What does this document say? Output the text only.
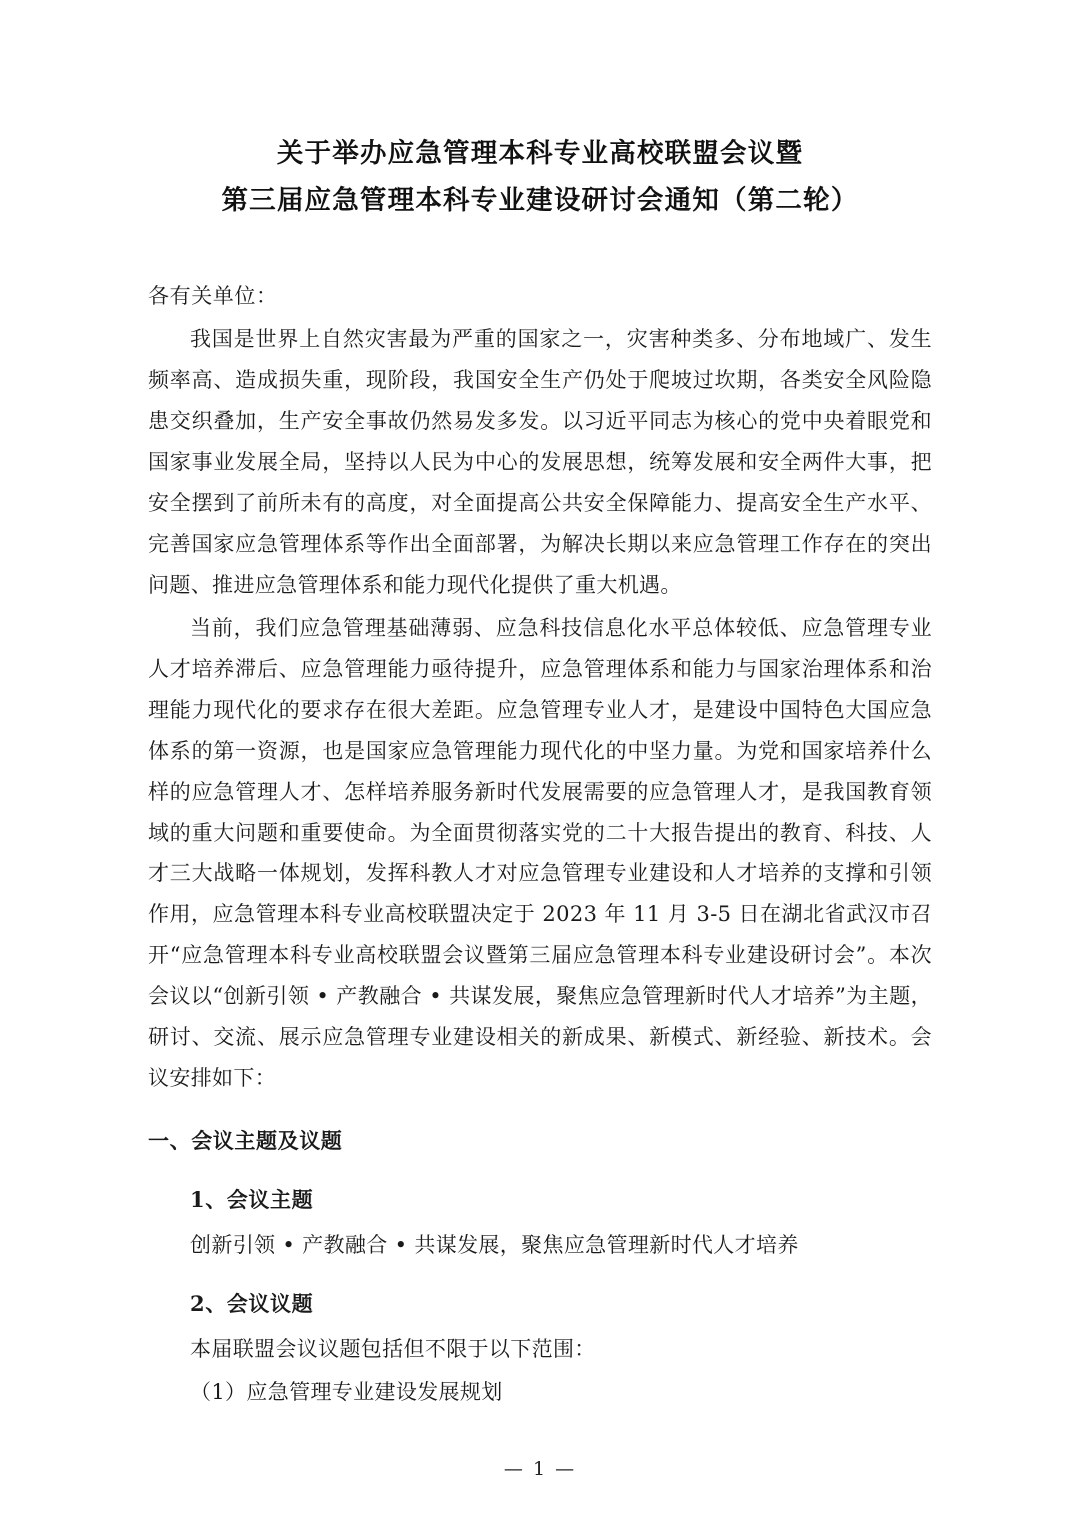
关于举办应急管理本科专业高校联盟会议暨
第三届应急管理本科专业建设研讨会通知（第二轮）
各有关单位：

我国是世界上自然灾害最为严重的国家之一，灾害种类多、分布地域广、发生频率高、造成损失重，现阶段，我国安全生产仍处于爬坡过坎期，各类安全风险隐患交织叠加，生产安全事故仍然易发多发。以习近平同志为核心的党中央着眼党和国家事业发展全局，坚持以人民为中心的发展思想，统筹发展和安全两件大事，把安全摆到了前所未有的高度，对全面提高公共安全保障能力、提高安全生产水平、完善国家应急管理体系等作出全面部署，为解决长期以来应急管理工作存在的突出问题、推进应急管理体系和能力现代化提供了重大机遇。

当前，我们应急管理基础薄弱、应急科技信息化水平总体较低、应急管理专业人才培养滞后、应急管理能力亟待提升，应急管理体系和能力与国家治理体系和治理能力现代化的要求存在很大差距。应急管理专业人才，是建设中国特色大国应急体系的第一资源，也是国家应急管理能力现代化的中坚力量。为党和国家培养什么样的应急管理人才、怎样培养服务新时代发展需要的应急管理人才，是我国教育领域的重大问题和重要使命。为全面贯彻落实党的二十大报告提出的教育、科技、人才三大战略一体规划，发挥科教人才对应急管理专业建设和人才培养的支撑和引领作用，应急管理本科专业高校联盟决定于 2023 年 11 月 3-5 日在湖北省武汉市召开“应急管理本科专业高校联盟会议暨第三届应急管理本科专业建设研讨会”。本次会议以“创新引领 • 产教融合 • 共谋发展，聚焦应急管理新时代人才培养”为主题，研讨、交流、展示应急管理专业建设相关的新成果、新模式、新经验、新技术。会议安排如下：

一、会议主题及议题
1、会议主题
创新引领 • 产教融合 • 共谋发展，聚焦应急管理新时代人才培养
2、会议议题
本届联盟会议议题包括但不限于以下范围：
（1）应急管理专业建设发展规划
— 1 —
